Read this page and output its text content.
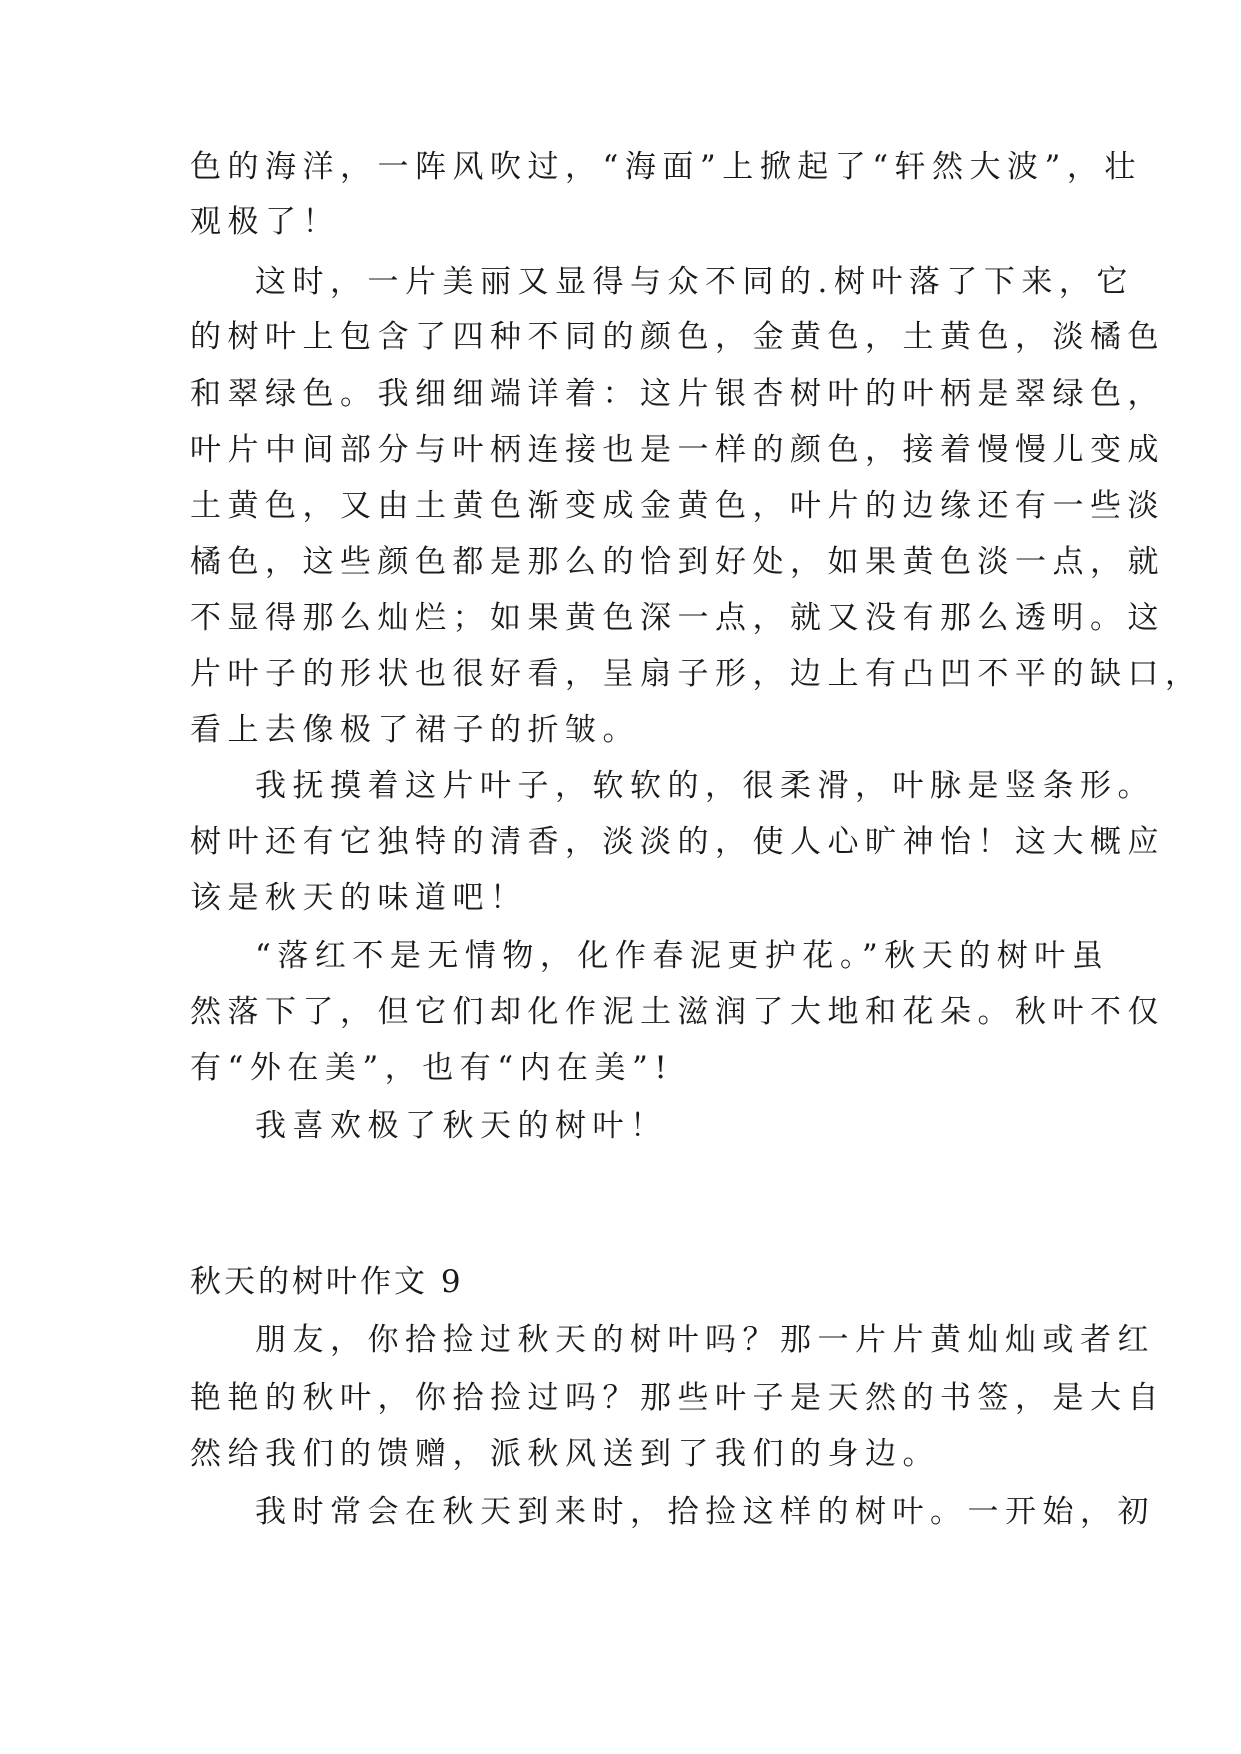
色的海洋，一阵风吹过，“海面”上掀起了“轩然大波”，壮
观极了！
这时，一片美丽又显得与众不同的.树叶落了下来，它
的树叶上包含了四种不同的颜色，金黄色，土黄色，淡橘色
和翠绿色。我细细端详着：这片银杏树叶的叶柄是翠绿色，
叶片中间部分与叶柄连接也是一样的颜色，接着慢慢儿变成
土黄色，又由土黄色渐变成金黄色，叶片的边缘还有一些淡
橘色，这些颜色都是那么的恰到好处，如果黄色淡一点，就
不显得那么灿烂；如果黄色深一点，就又没有那么透明。这
片叶子的形状也很好看，呈扇子形，边上有凸凹不平的缺口，
看上去像极了裙子的折皱。
我抚摸着这片叶子，软软的，很柔滑，叶脉是竖条形。
树叶还有它独特的清香，淡淡的，使人心旷神怡！这大概应
该是秋天的味道吧！
“落红不是无情物，化作春泥更护花。”秋天的树叶虽
然落下了，但它们却化作泥土滋润了大地和花朵。秋叶不仅
有“外在美”，也有“内在美”!
我喜欢极了秋天的树叶！
秋天的树叶作文 9
朋友，你拾捡过秋天的树叶吗？那一片片黄灿灿或者红
艳艳的秋叶，你拾捡过吗？那些叶子是天然的书签，是大自
然给我们的馈赠，派秋风送到了我们的身边。
我时常会在秋天到来时，拾捡这样的树叶。一开始，初
